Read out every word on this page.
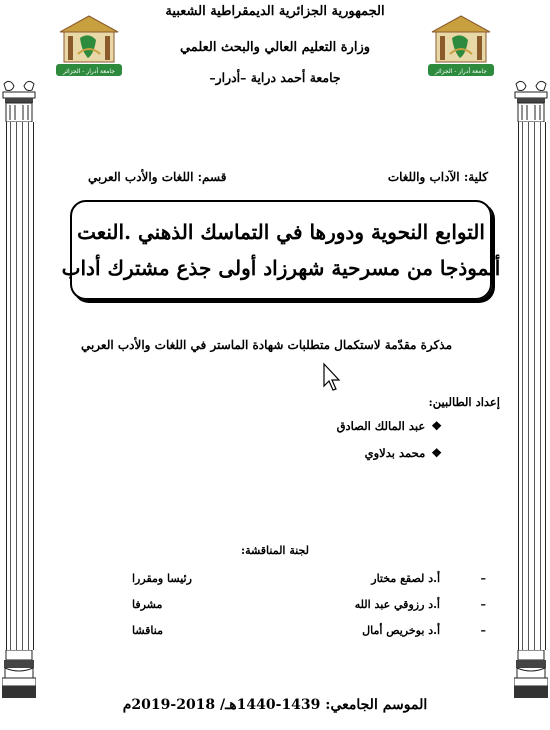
جامعة أدرار - الجزائر	جامعة أدرار - الجزائر
الجمهورية الجزائرية الديمقراطية الشعبية
وزارة التعليم العالي والبحث العلمي
جامعة أحمد دراية –أدرار–
كلية: الآداب واللغات
قسم: اللغات والأدب العربي
التوابع النحوية ودورها في التماسك الذهني .النعت
أنموذجا من مسرحية شهرزاد أولى جذع مشترك أداب
مذكرة مقدّمة لاستكمال متطلبات شهادة الماستر في اللغات والأدب العربي
إعداد الطالبين:
❖عبد المالك الصادق
❖محمد بدلاوي
لجنة المناقشة:
–
أ.د لصقع مختار
رئيسا ومقررا
–
أ.د رزوقي عبد الله
مشرفا
–
أ.د بوخريص أمال
مناقشا
الموسم الجامعي: 1439-1440هـ/ 2018-2019م
